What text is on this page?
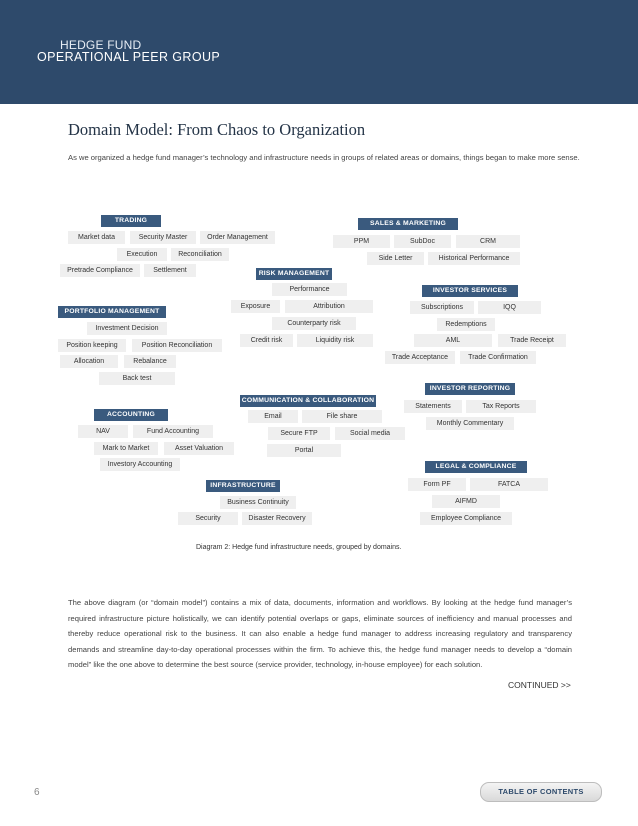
HEDGE FUND
OPERATIONAL PEER GROUP
Domain Model: From Chaos to Organization
As we organized a hedge fund manager’s technology and infrastructure needs in groups of related areas or domains, things began to make more sense.
TRADING
Market data	Security Master	Order Management
Execution	Reconciliation
Pretrade Compliance	Settlement
SALES & MARKETING
PPM	SubDoc	CRM
Side Letter	Historical Performance
RISK MANAGEMENT
Performance
Exposure	Attribution
Counterparty risk
Credit risk	Liquidity risk
PORTFOLIO MANAGEMENT
Investment Decision
Position keeping	Position Reconciliation
Allocation	Rebalance
Back test
INVESTOR SERVICES
Subscriptions	IQQ
Redemptions
AML	Trade Receipt
Trade Acceptance	Trade Confirmation
INVESTOR REPORTING
Statements	Tax Reports
Monthly Commentary
COMMUNICATION & COLLABORATION
Email	File share
Secure FTP	Social media
Portal
ACCOUNTING
NAV	Fund Accounting
Mark to Market	Asset Valuation
Investory Accounting	LEGAL & COMPLIANCE
Form PF	FATCA
AIFMD
Employee Compliance
INFRASTRUCTURE
Business Continuity
Security	Disaster Recovery
Diagram 2: Hedge fund infrastructure needs, grouped by domains.
The above diagram (or “domain model”) contains a mix of data, documents, information and workflows. By looking at the hedge fund manager’s required infrastructure picture holistically, we can identify potential overlaps or gaps, eliminate sources of inefficiency and manual processes and thereby reduce operational risk to the business. It can also enable a hedge fund manager to address increasing regulatory and transparency demands and streamline day-to-day operational processes within the firm. To achieve this, the hedge fund manager needs to develop a “domain model” like the one above to determine the best source (service provider, technology, in-house employee) for each solution.
CONTINUED >>
6	TABLE OF CONTENTS
